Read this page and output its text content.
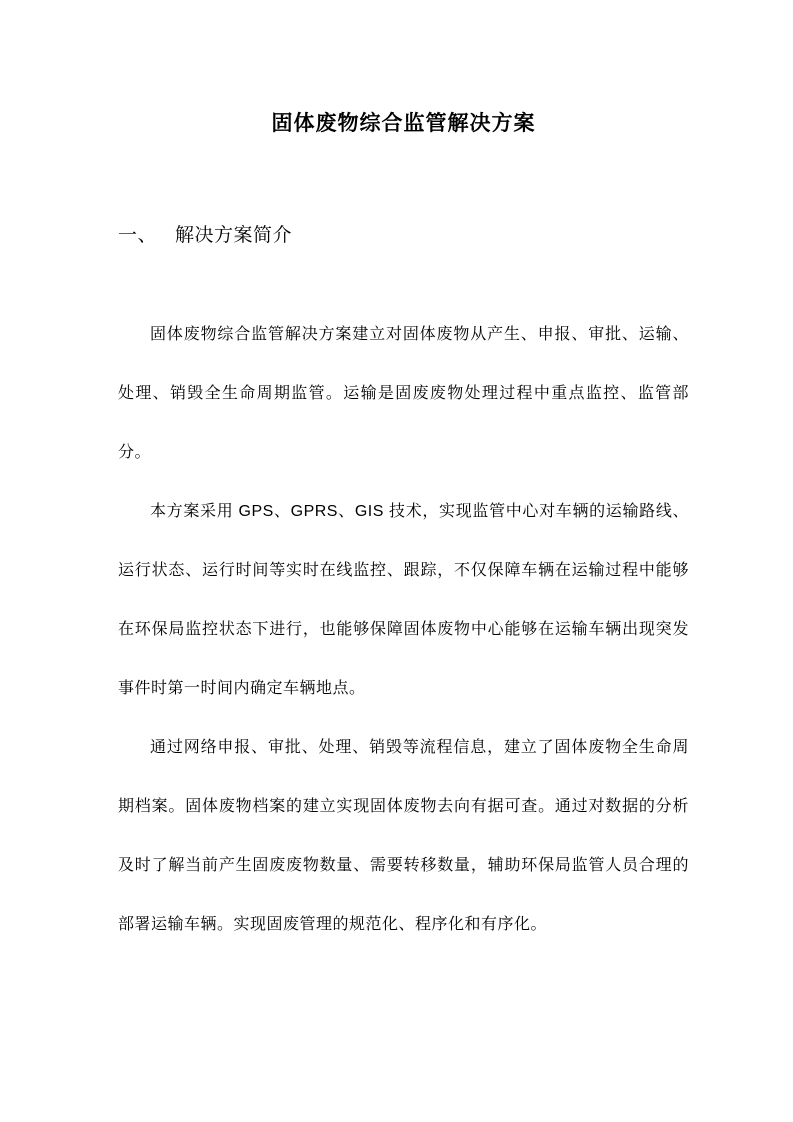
固体废物综合监管解决方案
一、 解决方案简介

固体废物综合监管解决方案建立对固体废物从产生、申报、审批、运输、处理、销毁全生命周期监管。运输是固废废物处理过程中重点监控、监管部分。

本方案采用 GPS、GPRS、GIS 技术，实现监管中心对车辆的运输路线、运行状态、运行时间等实时在线监控、跟踪，不仅保障车辆在运输过程中能够在环保局监控状态下进行，也能够保障固体废物中心能够在运输车辆出现突发事件时第一时间内确定车辆地点。

通过网络申报、审批、处理、销毁等流程信息，建立了固体废物全生命周期档案。固体废物档案的建立实现固体废物去向有据可查。通过对数据的分析及时了解当前产生固废废物数量、需要转移数量，辅助环保局监管人员合理的部署运输车辆。实现固废管理的规范化、程序化和有序化。
